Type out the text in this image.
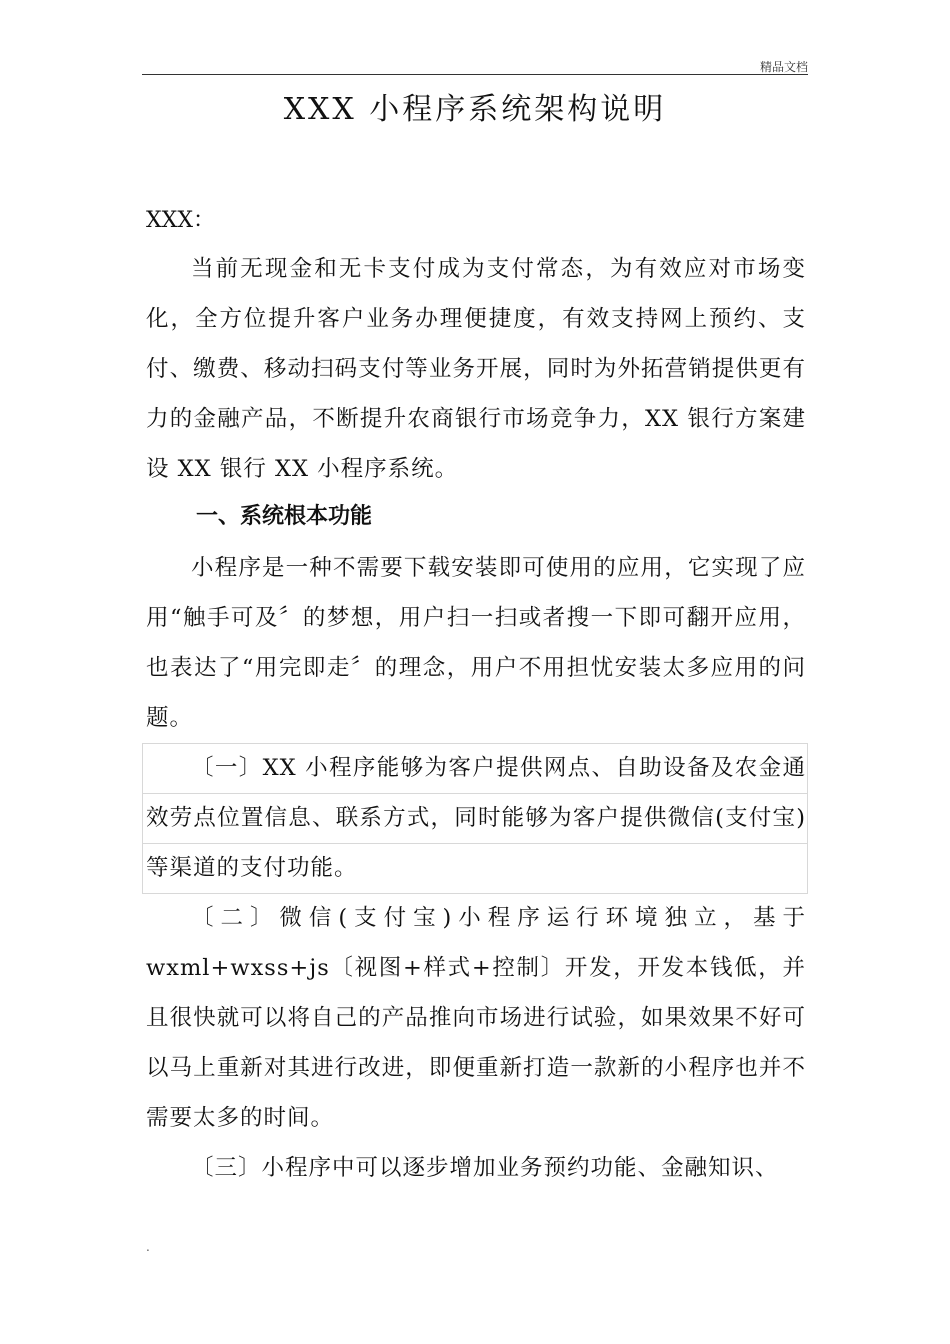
精品文档
XXX 小程序系统架构说明
XXX：
当前无现金和无卡支付成为支付常态，为有效应对市场变化，全方位提升客户业务办理便捷度，有效支持网上预约、支付、缴费、移动扫码支付等业务开展，同时为外拓营销提供更有力的金融产品，不断提升农商银行市场竞争力，XX 银行方案建设 XX 银行 XX 小程序系统。
一、系统根本功能
小程序是一种不需要下载安装即可使用的应用，它实现了应用“触手可及〞的梦想，用户扫一扫或者搜一下即可翻开应用，也表达了“用完即走〞的理念，用户不用担忧安装太多应用的问题。
〔一〕XX 小程序能够为客户提供网点、自助设备及农金通效劳点位置信息、联系方式，同时能够为客户提供微信(支付宝)等渠道的支付功能。
〔二〕微信(支付宝)小程序运行环境独立，基于 wxml+wxss+js〔视图+样式+控制〕开发，开发本钱低，并且很快就可以将自己的产品推向市场进行试验，如果效果不好可以马上重新对其进行改进，即便重新打造一款新的小程序也并不需要太多的时间。
〔三〕小程序中可以逐步增加业务预约功能、金融知识、
.
